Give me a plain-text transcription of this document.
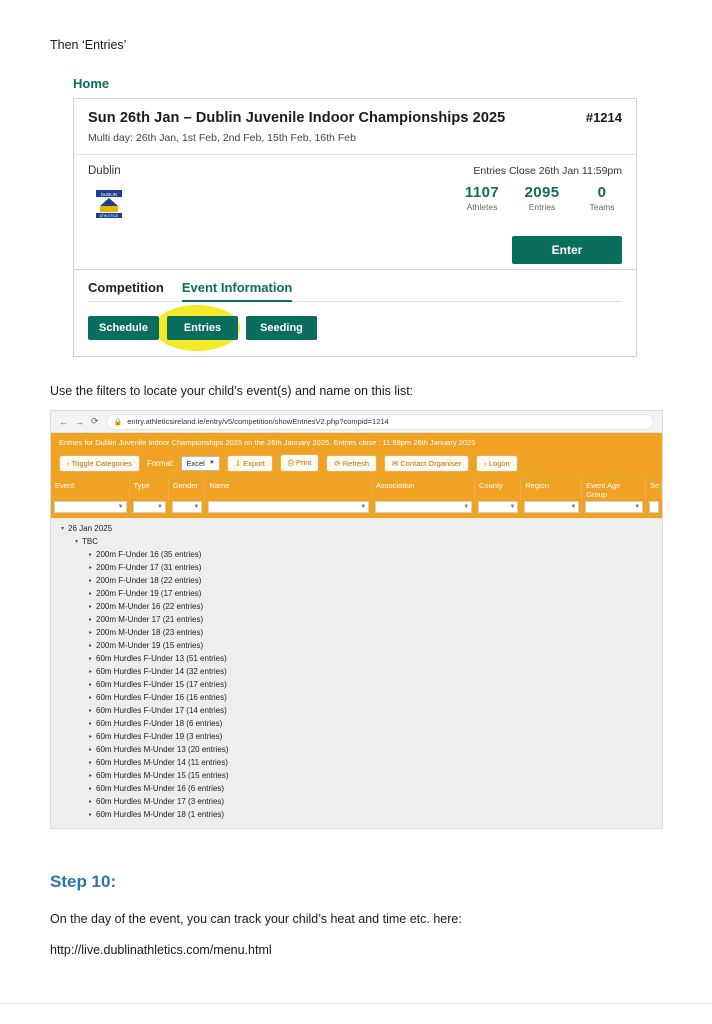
Then ‘Entries’
Home
Sun 26th Jan – Dublin Juvenile Indoor Championships 2025	#1214
Multi day: 26th Jan, 1st Feb, 2nd Feb, 15th Feb, 16th Feb
Dublin
DUBLIN
ATHLETICS
Entries Close 26th Jan 11:59pm
1107
Athletes
2095
Entries
0
Teams
Enter
Competition Event Information
Schedule	Entries	Seeding
Use the filters to locate your child’s event(s) and name on this list:
← → ⟳ 🔒 entry.athleticsireland.ie/entry/v5/competition/showEntriesV2.php?compid=1214
Entries for Dublin Juvenile Indoor Championships 2025 on the 26th January 2025. Entries close : 11:59pm 26th January 2025
› Toggle Categories	Format: Excel ▼	⇩ Export	⎙ Print	⟳ Refresh	✉ Contact Organiser	› Logon
Event	Type	Gender	Name	Association	County	Region	Event Age Group
Se
▼	▼	▼	▼	▼	▼	▼	▼
▾ 26 Jan 2025
▾ TBC
▸ 200m F-Under 16 (35 entries)
▸ 200m F-Under 17 (31 entries)
▸ 200m F-Under 18 (22 entries)
▸ 200m F-Under 19 (17 entries)
▸ 200m M-Under 16 (22 entries)
▸ 200m M-Under 17 (21 entries)
▸ 200m M-Under 18 (23 entries)
▸ 200m M-Under 19 (15 entries)
▸ 60m Hurdles F-Under 13 (51 entries)
▸ 60m Hurdles F-Under 14 (32 entries)
▸ 60m Hurdles F-Under 15 (17 entries)
▸ 60m Hurdles F-Under 16 (16 entries)
▸ 60m Hurdles F-Under 17 (14 entries)
▸ 60m Hurdles F-Under 18 (6 entries)
▸ 60m Hurdles F-Under 19 (3 entries)
▸ 60m Hurdles M-Under 13 (20 entries)
▸ 60m Hurdles M-Under 14 (11 entries)
▸ 60m Hurdles M-Under 15 (15 entries)
▸ 60m Hurdles M-Under 16 (6 entries)
▸ 60m Hurdles M-Under 17 (3 entries)
▸ 60m Hurdles M-Under 18 (1 entries)
Step 10:
On the day of the event, you can track your child’s heat and time etc. here:
http://live.dublinathletics.com/menu.html
